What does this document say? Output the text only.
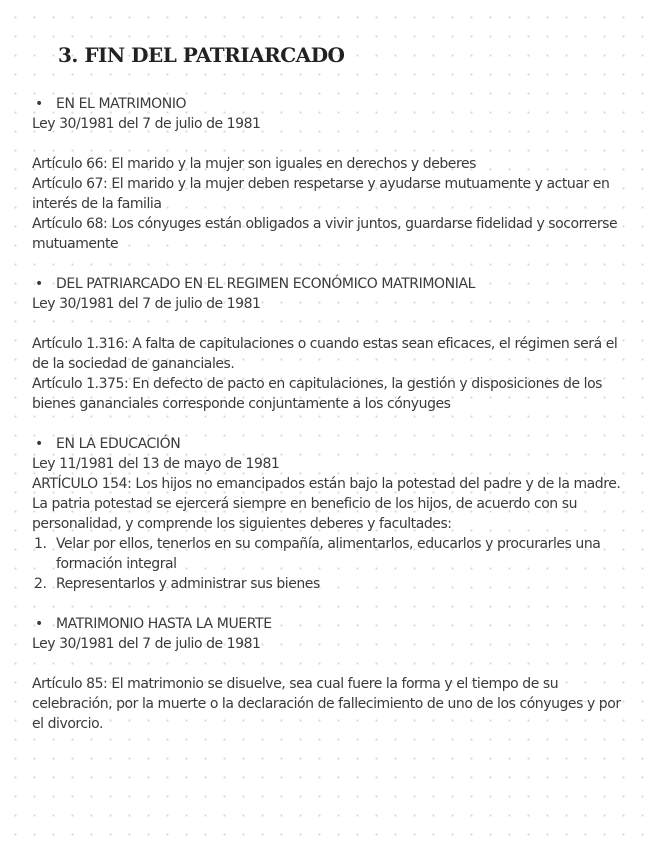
3. FIN DEL PATRIARCADO
• EN EL MATRIMONIO

Ley 30/1981 del 7 de julio de 1981

Artículo 66: El marido y la mujer son iguales en derechos y deberes

Artículo 67: El marido y la mujer deben respetarse y ayudarse mutuamente y actuar en interés de la familia

Artículo 68: Los cónyuges están obligados a vivir juntos, guardarse fidelidad y socorrerse mutuamente

• DEL PATRIARCADO EN EL REGIMEN ECONÓMICO MATRIMONIAL

Ley 30/1981 del 7 de julio de 1981

Artículo 1.316: A falta de capitulaciones o cuando estas sean eficaces, el régimen será el de la sociedad de gananciales.

Artículo 1.375: En defecto de pacto en capitulaciones, la gestión y disposiciones de los bienes gananciales corresponde conjuntamente a los cónyuges

• EN LA EDUCACIÓN

Ley 11/1981 del 13 de mayo de 1981

ARTÍCULO 154: Los hijos no emancipados están bajo la potestad del padre y de la madre.

La patria potestad se ejercerá siempre en beneficio de los hijos, de acuerdo con su personalidad, y comprende los siguientes deberes y facultades:

1. Velar por ellos, tenerlos en su compañía, alimentarlos, educarlos y procurarles una formación integral
2. Representarlos y administrar sus bienes
• MATRIMONIO HASTA LA MUERTE

Ley 30/1981 del 7 de julio de 1981

Artículo 85: El matrimonio se disuelve, sea cual fuere la forma y el tiempo de su celebración, por la muerte o la declaración de fallecimiento de uno de los cónyuges y por el divorcio.
